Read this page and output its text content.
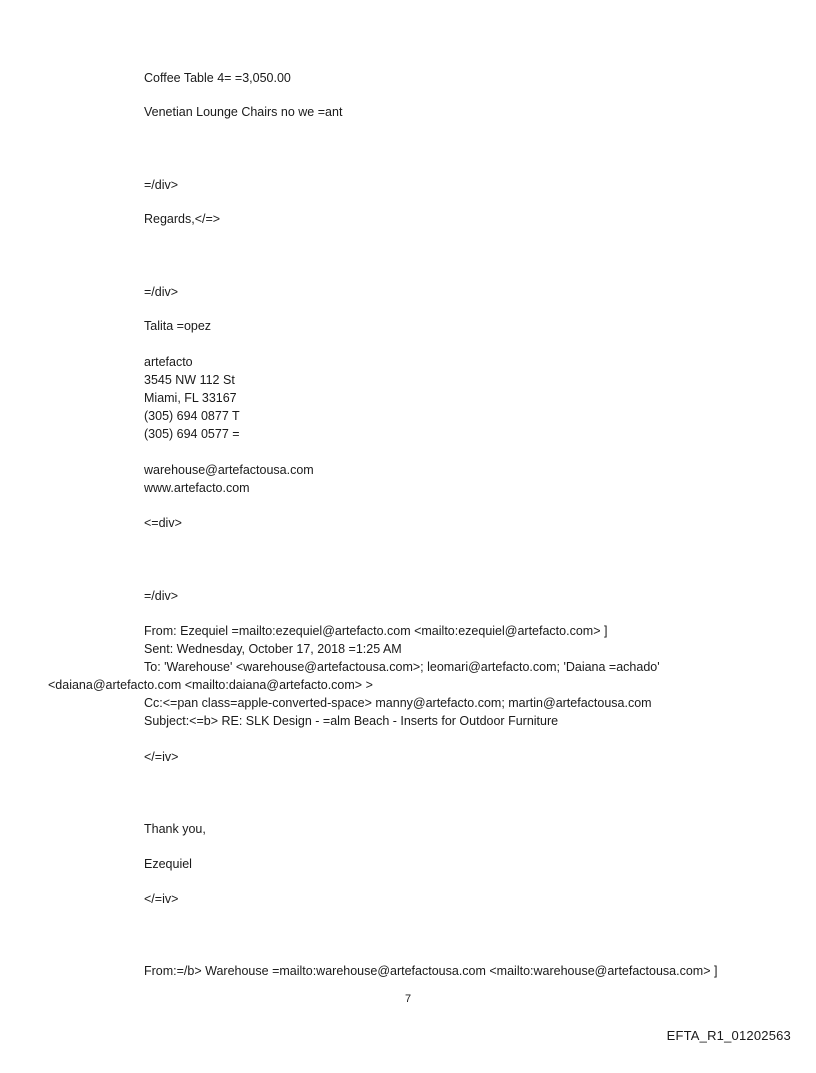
Coffee Table 4= =3,050.00
Venetian Lounge Chairs no we =ant
=/div>
Regards,</=>
=/div>
Talita =opez
artefacto
3545 NW 112 St
Miami, FL 33167
(305) 694 0877 T
(305) 694 0577 =
warehouse@artefactousa.com
www.artefacto.com
<=div>
=/div>
From: Ezequiel =mailto:ezequiel@artefacto.com <mailto:ezequiel@artefacto.com> ]
Sent: Wednesday, October 17, 2018 =1:25 AM
To: 'Warehouse' <warehouse@artefactousa.com>; leomari@artefacto.com; 'Daiana =achado'
<daiana@artefacto.com <mailto:daiana@artefacto.com> >
Cc:<=pan class=apple-converted-space> manny@artefacto.com; martin@artefactousa.com
Subject:<=b> RE: SLK Design - =alm Beach - Inserts for Outdoor Furniture
</=iv>
Thank you,
Ezequiel
</=iv>
From:=/b> Warehouse =mailto:warehouse@artefactousa.com <mailto:warehouse@artefactousa.com> ]
7
EFTA_R1_01202563
